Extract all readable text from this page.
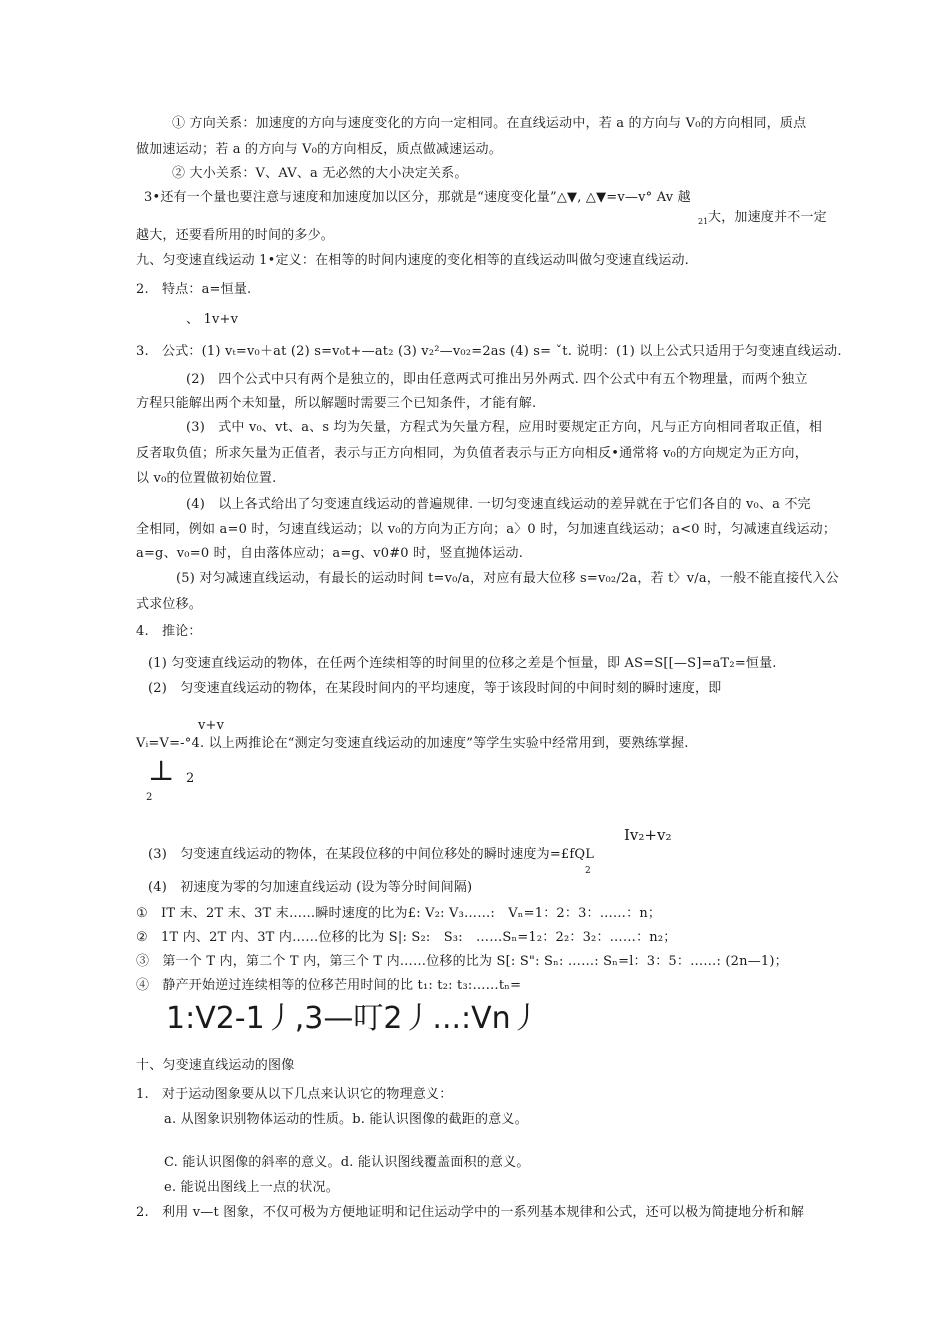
① 方向关系：加速度的方向与速度变化的方向一定相同。在直线运动中，若 a 的方向与 V₀的方向相同，质点
做加速运动；若 a 的方向与 V₀的方向相反，质点做减速运动。
② 大小关系：V、AV、a 无必然的大小决定关系。
3•还有一个量也要注意与速度和加速度加以区分，那就是“速度变化量”△▼, △▼=v—v° Av 越
21 大，加速度并不一定
越大，还要看所用的时间的多少。
九、匀变速直线运动 1•定义：在相等的时间内速度的变化相等的直线运动叫做匀变速直线运动.
2.　特点：a=恒量.
、 1v+v
3.　公式：(1) vₜ=v₀＋at (2) s=v₀t+—at₂ (3) v₂²—v₀₂=2as (4) s= ˇt. 说明：(1) 以上公式只适用于匀变速直线运动.
(2)　四个公式中只有两个是独立的，即由任意两式可推出另外两式. 四个公式中有五个物理量，而两个独立
方程只能解出两个未知量，所以解题时需要三个已知条件，才能有解.
(3)　式中 v₀、vt、a、s 均为矢量，方程式为矢量方程，应用时要规定正方向，凡与正方向相同者取正值，相
反者取负值；所求矢量为正值者，表示与正方向相同，为负值者表示与正方向相反•通常将 v₀的方向规定为正方向，
以 v₀的位置做初始位置.
(4)　以上各式给出了匀变速直线运动的普遍规律. 一切匀变速直线运动的差异就在于它们各自的 v₀、a 不完
全相同，例如 a=0 时，匀速直线运动；以 v₀的方向为正方向；a〉0 时，匀加速直线运动；a<0 时，匀减速直线运动；
a=g、v₀=0 时，自由落体应动；a=g、v0#0 时，竖直抛体运动.
(5) 对匀减速直线运动，有最长的运动时间 t=v₀/a，对应有最大位移 s=v₀₂/2a，若 t〉v/a，一般不能直接代入公
式求位移。
4.　推论：
(1) 匀变速直线运动的物体，在任两个连续相等的时间里的位移之差是个恒量，即 AS=S[[—S]=aT₂=恒量.
(2)　匀变速直线运动的物体，在某段时间内的平均速度，等于该段时间的中间时刻的瞬时速度，即
v+v
Vᵢ=V=-°4. 以上两推论在“测定匀变速直线运动的加速度”等学生实验中经常用到，要熟练掌握.
⊥ 2
2
Iv₂+v₂
(3)　匀变速直线运动的物体，在某段位移的中间位移处的瞬时速度为=£fQL
2
(4)　初速度为零的匀加速直线运动 (设为等分时间间隔)
①　IT 末、2T 末、3T 末……瞬时速度的比为£: V₂: V₃……:　Vₙ=1：2：3：……：n；
②　1T 内、2T 内、3T 内……位移的比为 S|: S₂:　S₃:　……Sₙ=1₂：2₂：3₂：……：n₂；
③　第一个 T 内，第二个 T 内，第三个 T 内……位移的比为 S[: S": Sₙ: ……: Sₙ=l：3：5：……: (2n—1)；
④　静产开始逆过连续相等的位移芒用时间的比 t₁: t₂: t₃:……tₙ=
1:V2-1丿,3—叮2丿...:Vn丿
十、匀变速直线运动的图像
1.　对于运动图象要从以下几点来认识它的物理意义：
a. 从图象识别物体运动的性质。b. 能认识图像的截距的意义。
C. 能认识图像的斜率的意义。d. 能认识图线覆盖面积的意义。
e. 能说出图线上一点的状况。
2.　利用 v—t 图象，不仅可极为方便地证明和记住运动学中的一系列基本规律和公式，还可以极为简捷地分析和解
